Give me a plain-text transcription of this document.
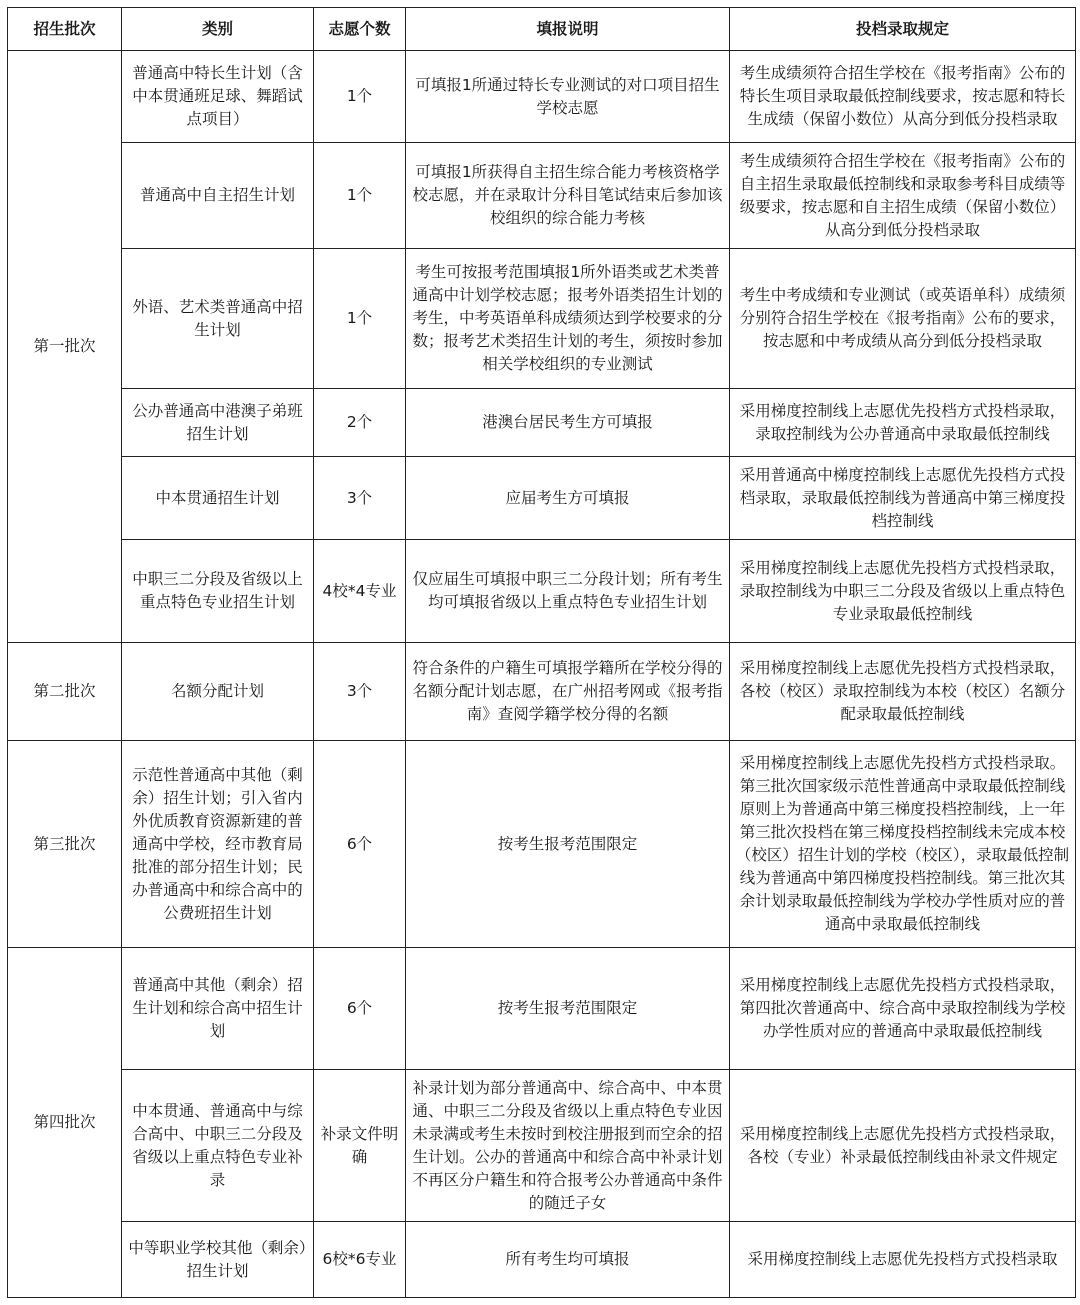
招生批次	类别	志愿个数	填报说明	投档录取规定
第一批次	普通高中特长生计划（含中本贯通班足球、舞蹈试点项目）	1个	可填报1所通过特长专业测试的对口项目招生学校志愿	考生成绩须符合招生学校在《报考指南》公布的特长生项目录取最低控制线要求，按志愿和特长生成绩（保留小数位）从高分到低分投档录取
	普通高中自主招生计划	1个	可填报1所获得自主招生综合能力考核资格学校志愿，并在录取计分科目笔试结束后参加该校组织的综合能力考核	考生成绩须符合招生学校在《报考指南》公布的自主招生录取最低控制线和录取参考科目成绩等级要求，按志愿和自主招生成绩（保留小数位）从高分到低分投档录取
	外语、艺术类普通高中招生计划	1个	考生可按报考范围填报1所外语类或艺术类普通高中计划学校志愿；报考外语类招生计划的考生，中考英语单科成绩须达到学校要求的分数；报考艺术类招生计划的考生，须按时参加相关学校组织的专业测试	考生中考成绩和专业测试（或英语单科）成绩须分别符合招生学校在《报考指南》公布的要求，按志愿和中考成绩从高分到低分投档录取
	公办普通高中港澳子弟班招生计划	2个	港澳台居民考生方可填报	采用梯度控制线上志愿优先投档方式投档录取，录取控制线为公办普通高中录取最低控制线
	中本贯通招生计划	3个	应届考生方可填报	采用普通高中梯度控制线上志愿优先投档方式投档录取，录取最低控制线为普通高中第三梯度投档控制线
	中职三二分段及省级以上重点特色专业招生计划	4校*4专业	仅应届生可填报中职三二分段计划；所有考生均可填报省级以上重点特色专业招生计划	采用梯度控制线上志愿优先投档方式投档录取，录取控制线为中职三二分段及省级以上重点特色专业录取最低控制线
第二批次	名额分配计划	3个	符合条件的户籍生可填报学籍所在学校分得的名额分配计划志愿，在广州招考网或《报考指南》查阅学籍学校分得的名额	采用梯度控制线上志愿优先投档方式投档录取，各校（校区）录取控制线为本校（校区）名额分配录取最低控制线
第三批次	示范性普通高中其他（剩余）招生计划；引入省内外优质教育资源新建的普通高中学校，经市教育局批准的部分招生计划；民办普通高中和综合高中的公费班招生计划	6个	按考生报考范围限定	采用梯度控制线上志愿优先投档方式投档录取。第三批次国家级示范性普通高中录取最低控制线原则上为普通高中第三梯度投档控制线，上一年第三批次投档在第三梯度投档控制线未完成本校（校区）招生计划的学校（校区），录取最低控制线为普通高中第四梯度投档控制线。第三批次其余计划录取最低控制线为学校办学性质对应的普通高中录取最低控制线
第四批次	普通高中其他（剩余）招生计划和综合高中招生计划	6个	按考生报考范围限定	采用梯度控制线上志愿优先投档方式投档录取，第四批次普通高中、综合高中录取控制线为学校办学性质对应的普通高中录取最低控制线
	中本贯通、普通高中与综合高中、中职三二分段及省级以上重点特色专业补录	补录文件明确	补录计划为部分普通高中、综合高中、中本贯通、中职三二分段及省级以上重点特色专业因未录满或考生未按时到校注册报到而空余的招生计划。公办的普通高中和综合高中补录计划不再区分户籍生和符合报考公办普通高中条件的随迁子女	采用梯度控制线上志愿优先投档方式投档录取，各校（专业）补录最低控制线由补录文件规定
	中等职业学校其他（剩余）招生计划	6校*6专业	所有考生均可填报	采用梯度控制线上志愿优先投档方式投档录取
